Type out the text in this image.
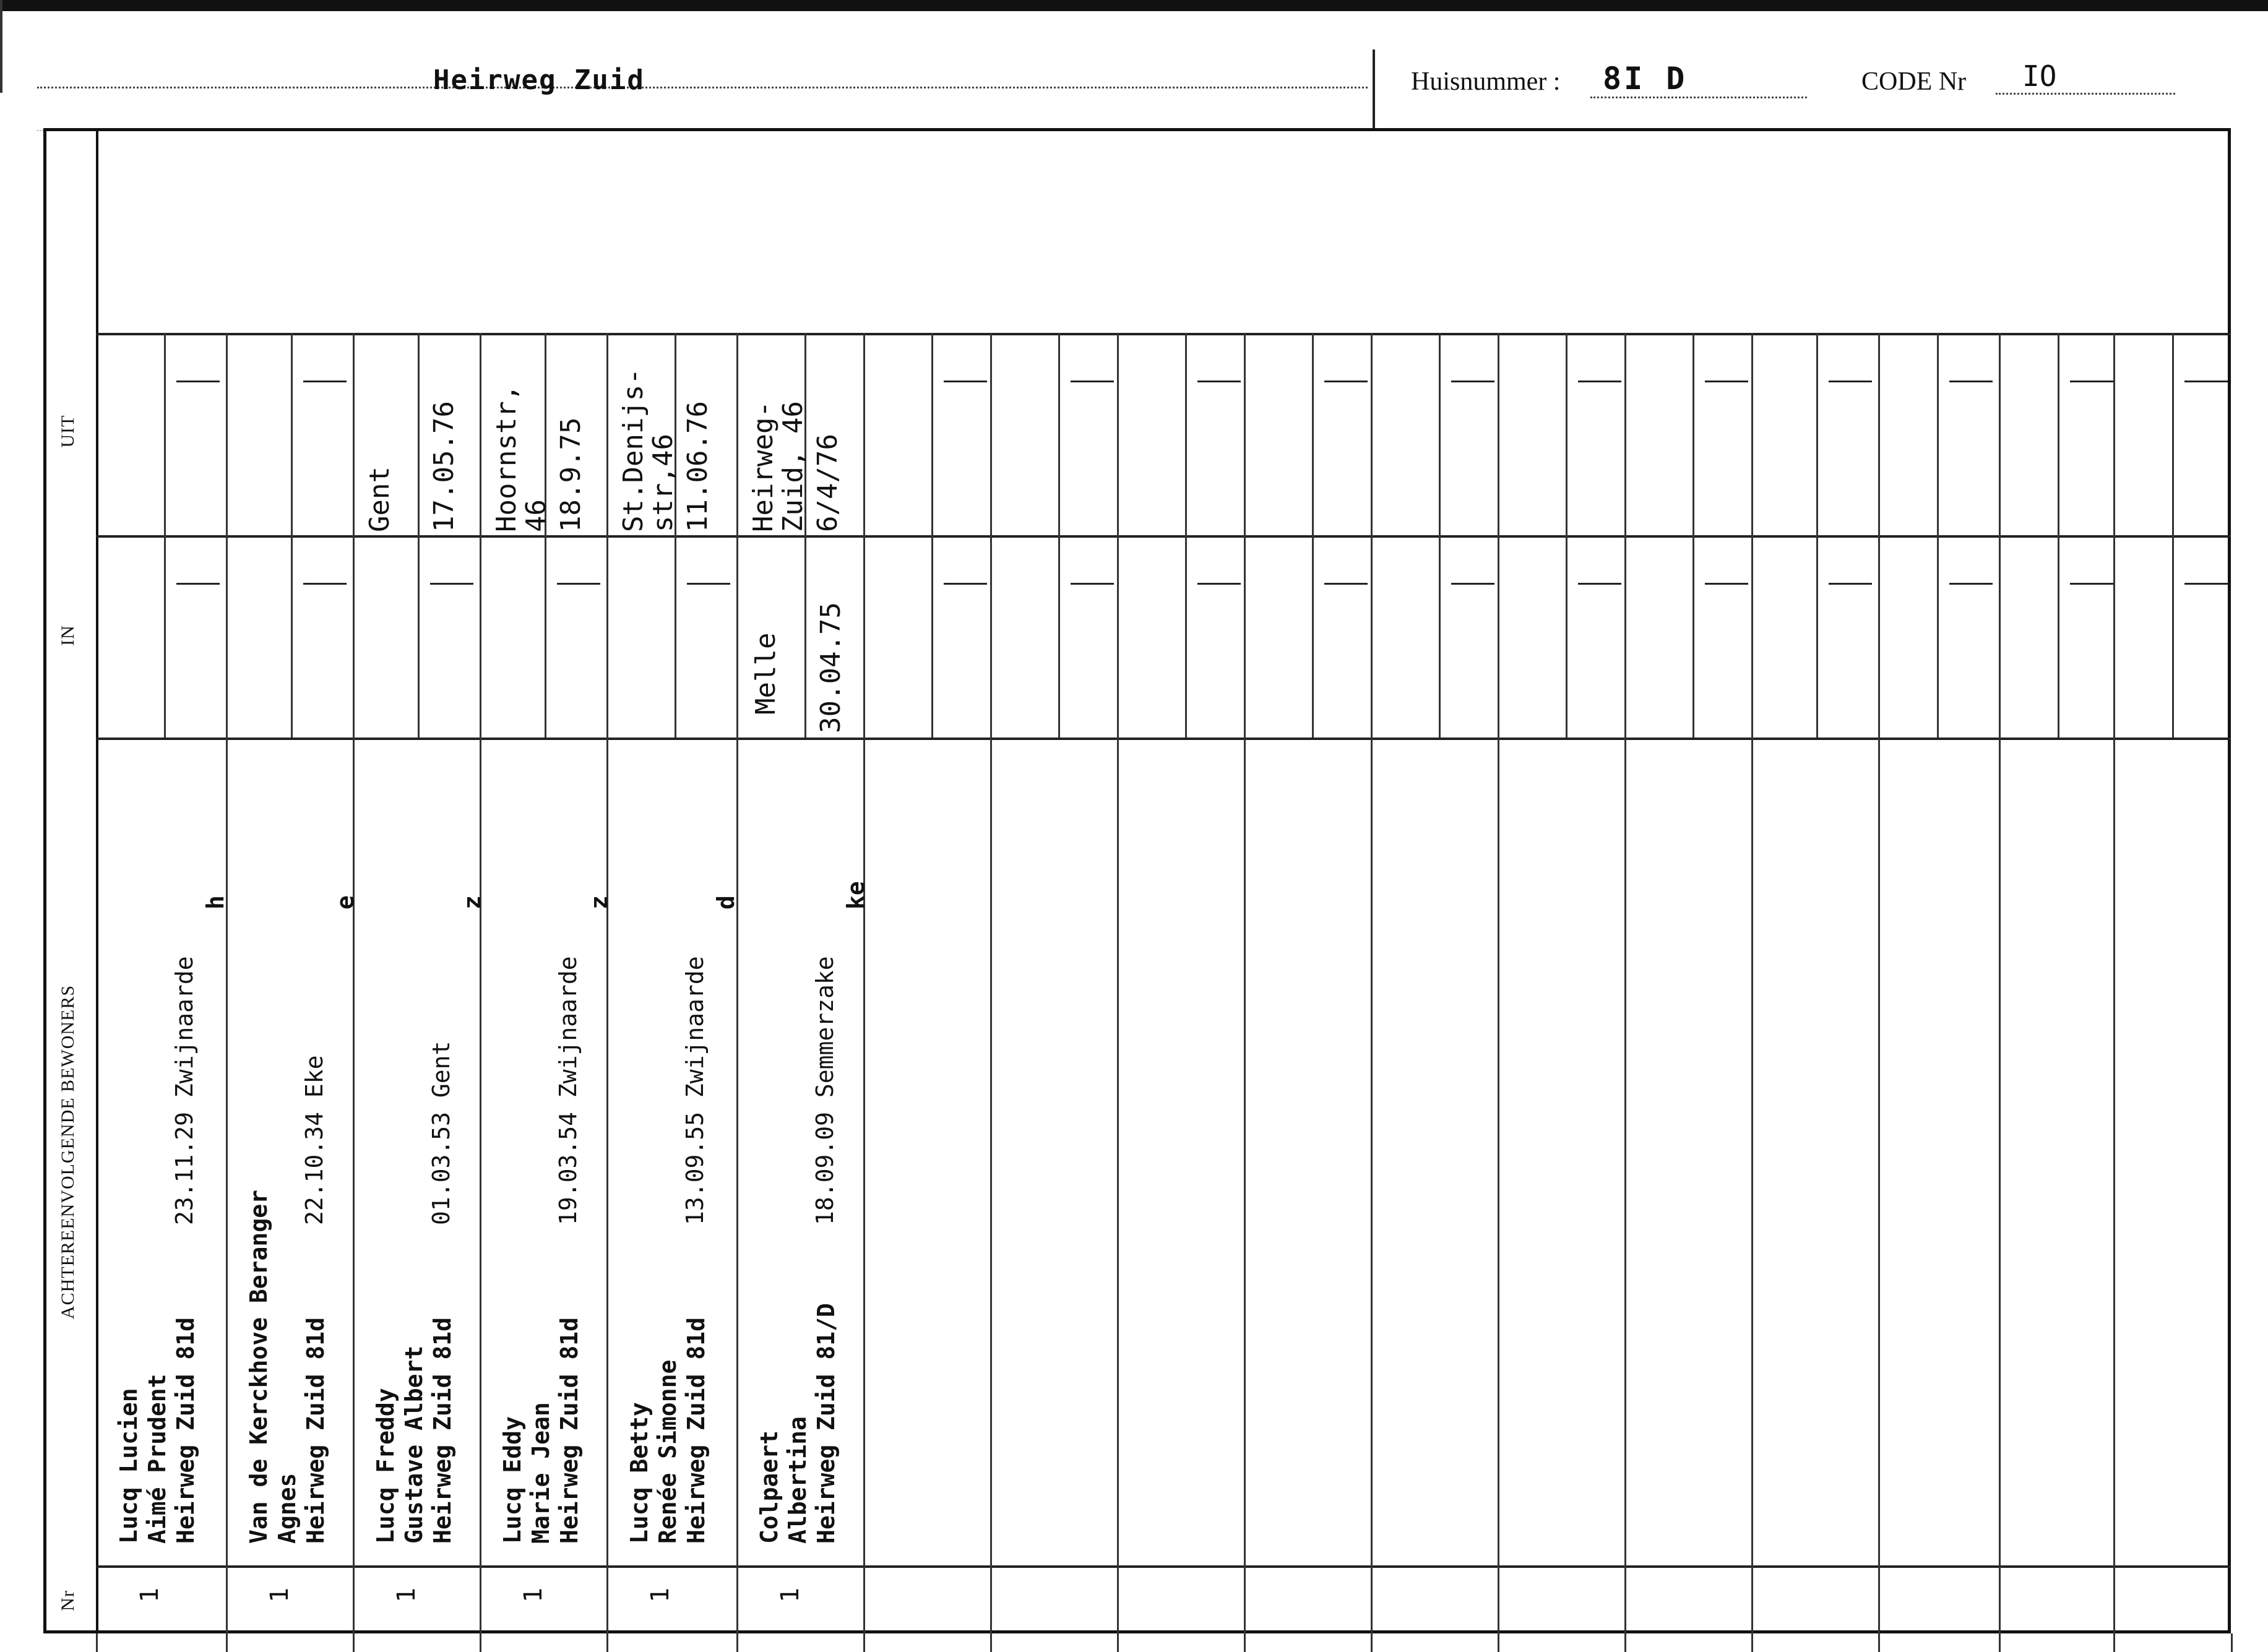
Heirweg Zuid	Huisnummer : 8I D	CODE Nr IO
UIT
IN
ACHTEREENVOLGENDE BEWONERS
Nr 1
Lucq Lucien
Aimé Prudent
Heirweg Zuid 81d
23.11.29 Zwijnaarde
h
1
Van de Kerckhove Beranger
Agnes
Heirweg Zuid 81d
22.10.34 Eke
e
1
Lucq Freddy
Gustave Albert
Heirweg Zuid 81d
01.03.53 Gent
z
Gent 17.05.76
1
Lucq Eddy
Marie Jean
Heirweg Zuid 81d
19.03.54 Zwijnaarde
z
Hoornstr,
46 18.9.75
1
Lucq Betty
Renée Simonne
Heirweg Zuid 81d
13.09.55 Zwijnaarde
d
St.Denijs-
str,46 11.06.76
1
Colpaert
Albertina
Heirweg Zuid 81/D
18.09.09 Semmerzake
ke
Melle 30.04.75
Heirweg-
Zuid, 46
6/4/76
